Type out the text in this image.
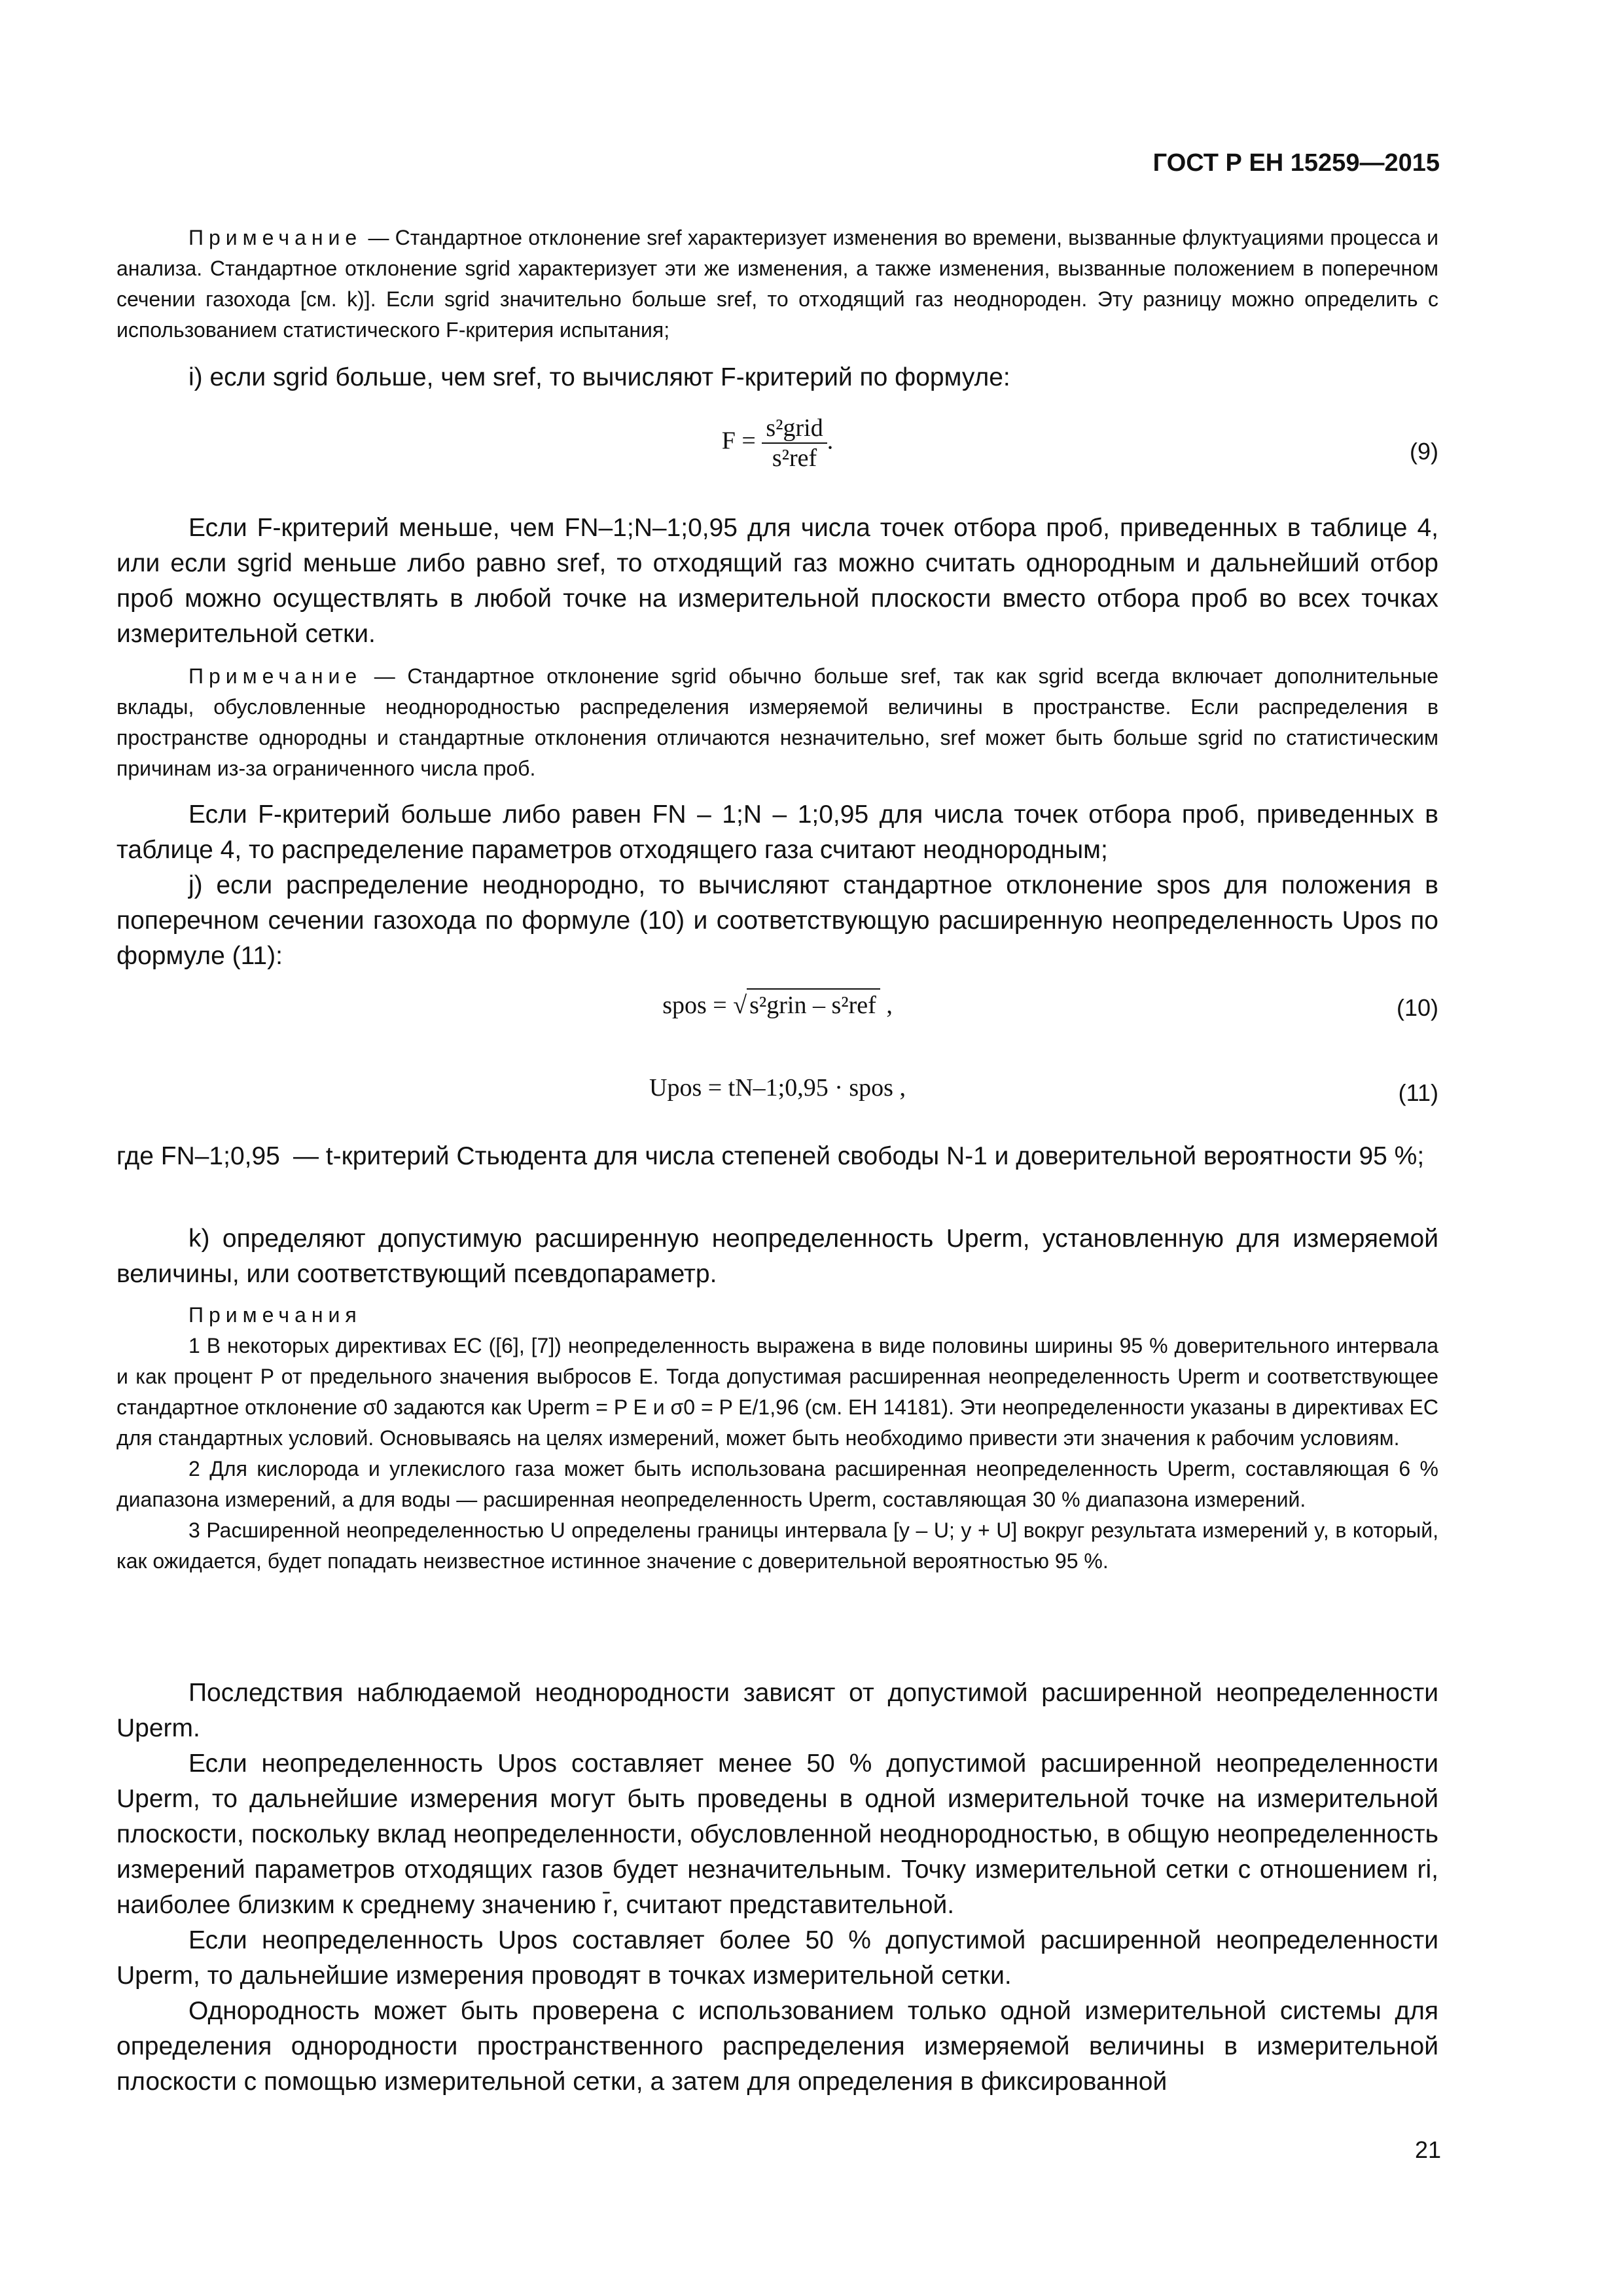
ГОСТ Р ЕН 15259—2015
Примечание — Стандартное отклонение sref характеризует изменения во времени, вызванные флуктуациями процесса и анализа. Стандартное отклонение sgrid характеризует эти же изменения, а также изменения, вызванные положением в поперечном сечении газохода [см. k)]. Если sgrid значительно больше sref, то отходящий газ неоднороден. Эту разницу можно определить с использованием статистического F-критерия испытания;
i) если sgrid больше, чем sref, то вычисляют F-критерий по формуле:
$F = \frac{\text{s²grid}}{\text{s²ref}}$ .	(9)
Если F-критерий меньше, чем FN–1;N–1;0,95 для числа точек отбора проб, приведенных в таблице 4, или если sgrid меньше либо равно sref, то отходящий газ можно считать однородным и дальнейший отбор проб можно осуществлять в любой точке на измерительной плоскости вместо отбора проб во всех точках измерительной сетки.
Примечание — Стандартное отклонение sgrid обычно больше sref, так как sgrid всегда включает дополнительные вклады, обусловленные неоднородностью распределения измеряемой величины в пространстве. Если распределения в пространстве однородны и стандартные отклонения отличаются незначительно, sref может быть больше sgrid по статистическим причинам из-за ограниченного числа проб.
Если F-критерий больше либо равен FN – 1;N – 1;0,95 для числа точек отбора проб, приведенных в таблице 4, то распределение параметров отходящего газа считают неоднородным;
j) если распределение неоднородно, то вычисляют стандартное отклонение spos для положения в поперечном сечении газохода по формуле (10) и соответствующую расширенную неопределенность Upos по формуле (11):
spos = √ s²grin – s²ref ,	(10)
Upos = tN–1;0,95 · spos ,	(11)
где FN–1;0,95 — t-критерий Стьюдента для числа степеней свободы N-1 и доверительной вероятности 95 %;
k) определяют допустимую расширенную неопределенность Uperm, установленную для измеряемой величины, или соответствующий псевдопараметр.

Примечания

1 В некоторых директивах ЕС ([6], [7]) неопределенность выражена в виде половины ширины 95 % доверительного интервала и как процент P от предельного значения выбросов E. Тогда допустимая расширенная неопределенность Uperm и соответствующее стандартное отклонение σ0 задаются как Uperm = P E и σ0 = P E/1,96 (см. ЕН 14181). Эти неопределенности указаны в директивах ЕС для стандартных условий. Основываясь на целях измерений, может быть необходимо привести эти значения к рабочим условиям.

2 Для кислорода и углекислого газа может быть использована расширенная неопределенность Uperm, составляющая 6 % диапазона измерений, а для воды — расширенная неопределенность Uperm, составляющая 30 % диапазона измерений.

3 Расширенной неопределенностью U определены границы интервала [y – U; y + U] вокруг результата измерений y, в который, как ожидается, будет попадать неизвестное истинное значение с доверительной вероятностью 95 %.

Последствия наблюдаемой неоднородности зависят от допустимой расширенной неопределенности Uperm.

Если неопределенность Upos составляет менее 50 % допустимой расширенной неопределенности Uperm, то дальнейшие измерения могут быть проведены в одной измерительной точке на измерительной плоскости, поскольку вклад неопределенности, обусловленной неоднородностью, в общую неопределенность измерений параметров отходящих газов будет незначительным. Точку измерительной сетки с отношением ri, наиболее близким к среднему значению r̄, считают представительной.

Если неопределенность Upos составляет более 50 % допустимой расширенной неопределенности Uperm, то дальнейшие измерения проводят в точках измерительной сетки.

Однородность может быть проверена с использованием только одной измерительной системы для определения однородности пространственного распределения измеряемой величины в измерительной плоскости с помощью измерительной сетки, а затем для определения в фиксированной

21
